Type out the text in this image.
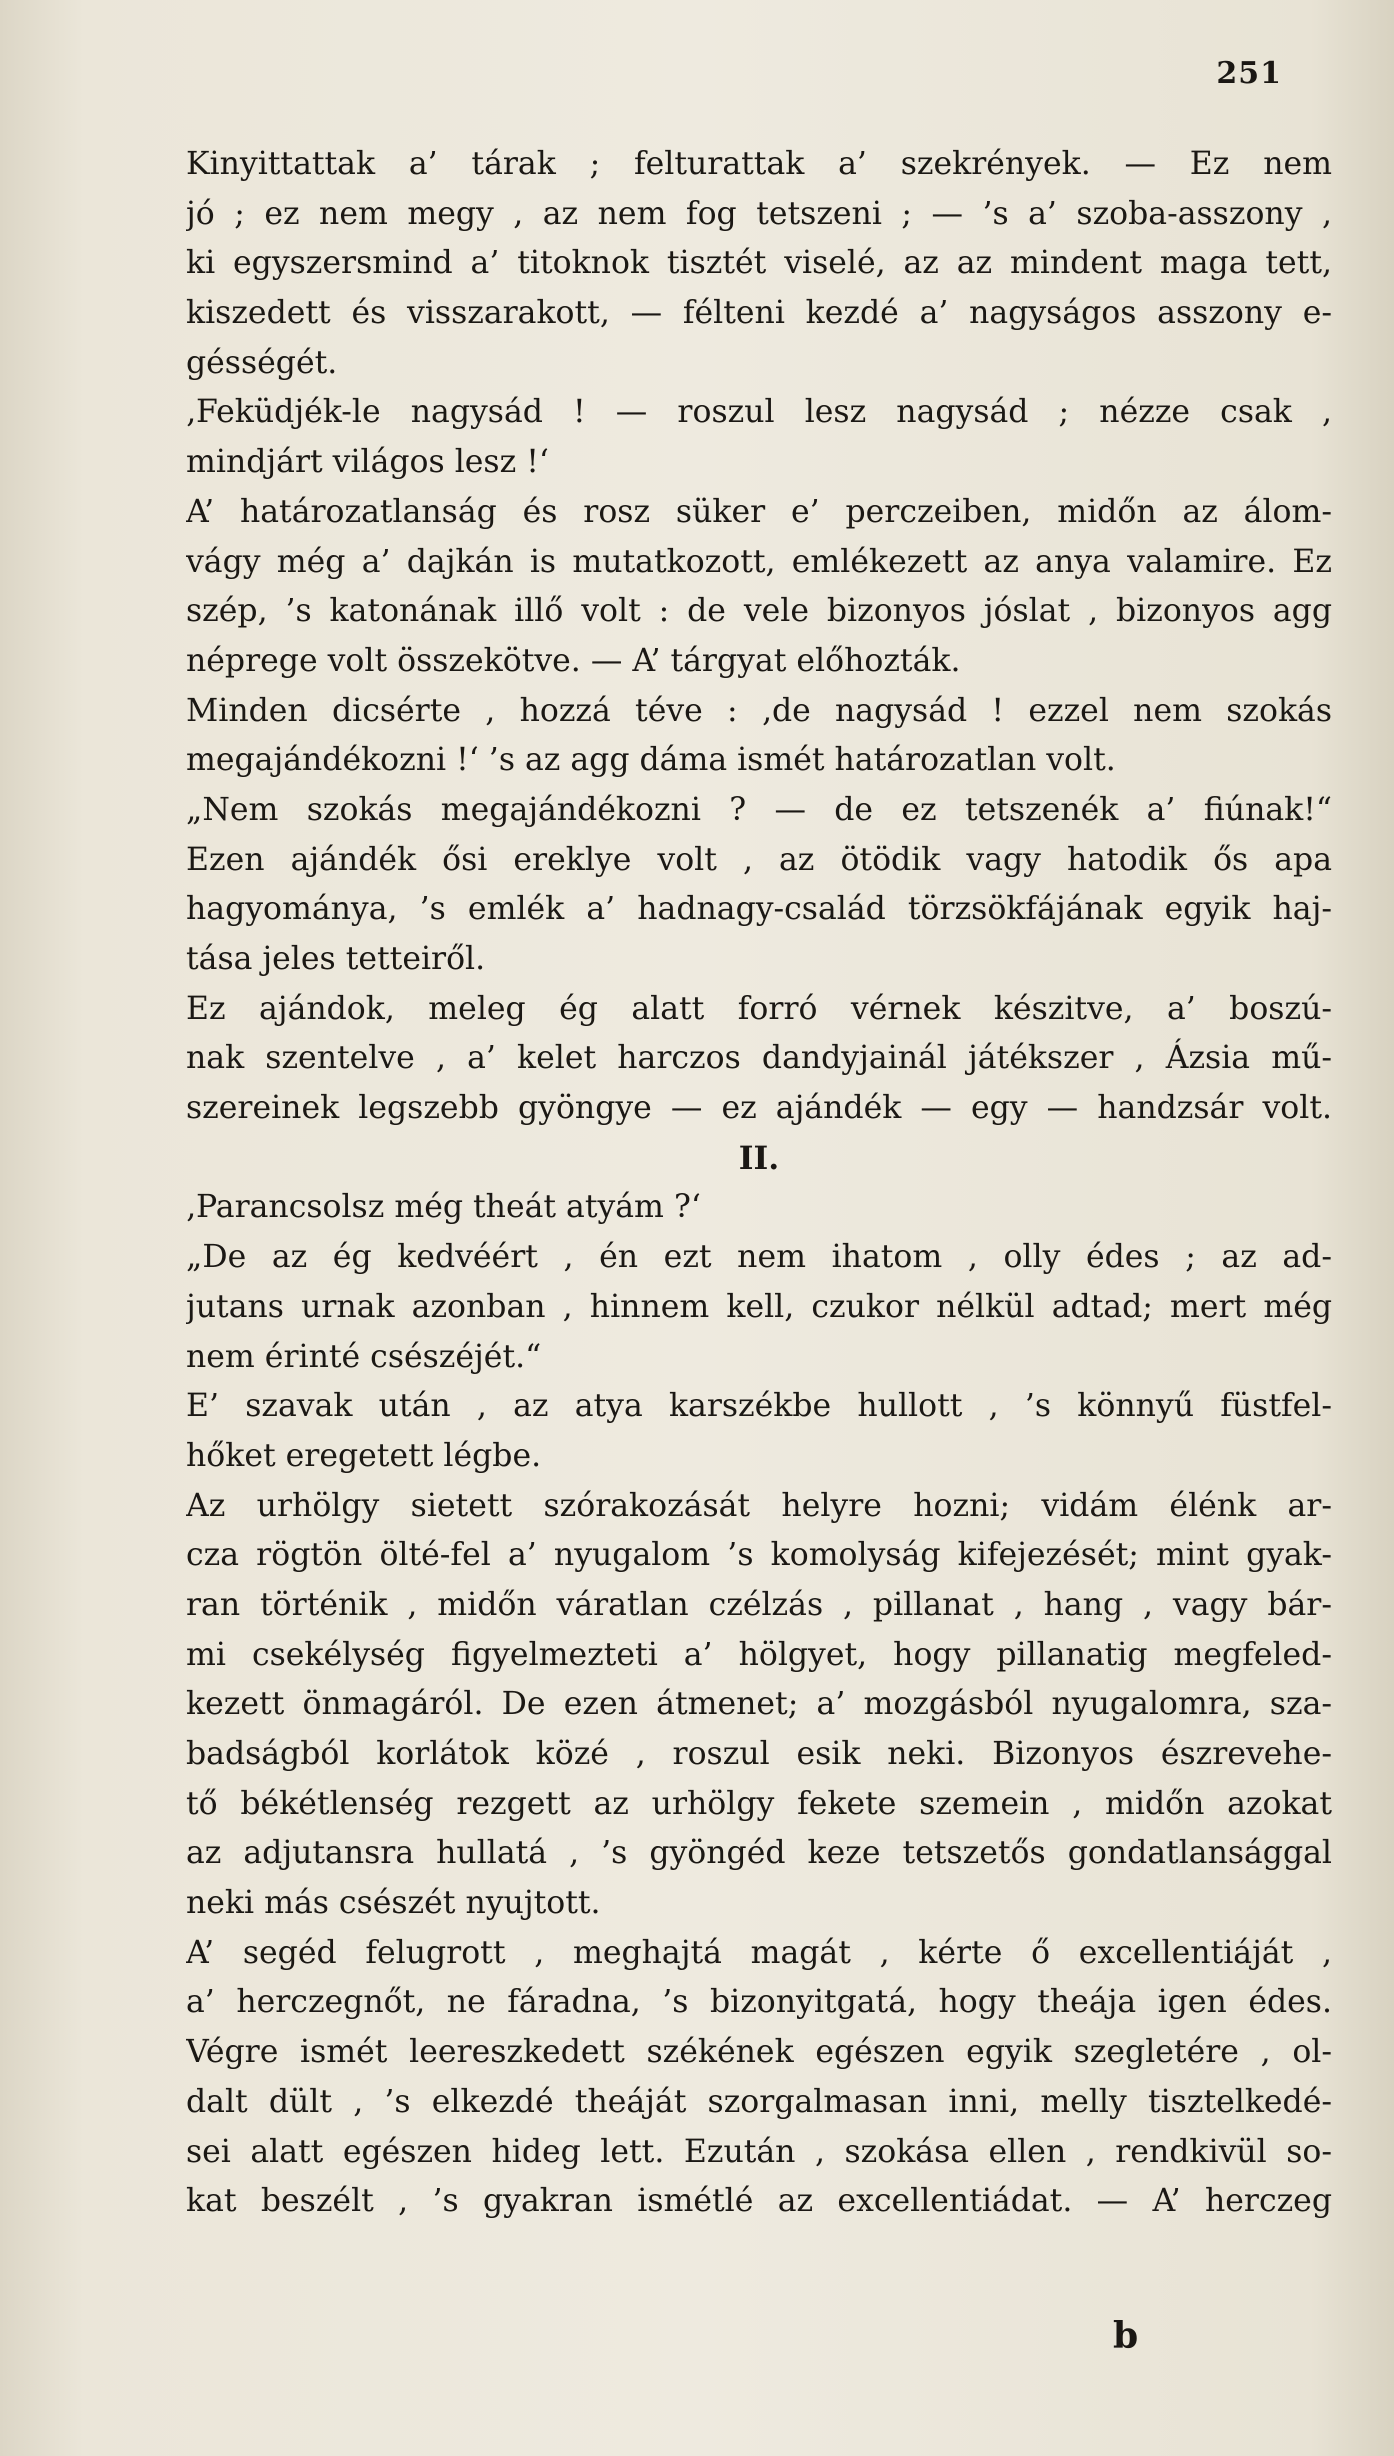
251
Kinyittattak a’ tárak ; felturattak a’ szekrények. — Ez nem
jó ; ez nem megy , az nem fog tetszeni ; — ’s a’ szoba-asszony ,
ki egyszersmind a’ titoknok tisztét viselé, az az mindent maga tett,
kiszedett és visszarakott, — félteni kezdé a’ nagyságos asszony e-
gésségét.
‚Feküdjék-le nagysád ! — roszul lesz nagysád ; nézze csak ,
mindjárt világos lesz !‘
A’ határozatlanság és rosz süker e’ perczeiben, midőn az álom-
vágy még a’ dajkán is mutatkozott, emlékezett az anya valamire. Ez
szép, ’s katonának illő volt : de vele bizonyos jóslat , bizonyos agg
néprege volt összekötve. — A’ tárgyat előhozták.
Minden dicsérte , hozzá téve : ‚de nagysád ! ezzel nem szokás
megajándékozni !‘ ’s az agg dáma ismét határozatlan volt.
„Nem szokás megajándékozni ? — de ez tetszenék a’ fiúnak!“
Ezen ajándék ősi ereklye volt , az ötödik vagy hatodik ős apa
hagyománya, ’s emlék a’ hadnagy-család törzsökfájának egyik haj-
tása jeles tetteiről.
Ez ajándok, meleg ég alatt forró vérnek készitve, a’ boszú-
nak szentelve , a’ kelet harczos dandyjainál játékszer , Ázsia mű-
szereinek legszebb gyöngye — ez ajándék — egy — handzsár volt.
II.
‚Parancsolsz még theát atyám ?‘
„De az ég kedvéért , én ezt nem ihatom , olly édes ; az ad-
jutans urnak azonban , hinnem kell, czukor nélkül adtad; mert még
nem érinté csészéjét.“
E’ szavak után , az atya karszékbe hullott , ’s könnyű füstfel-
hőket eregetett légbe.
Az urhölgy sietett szórakozását helyre hozni; vidám élénk ar-
cza rögtön ölté-fel a’ nyugalom ’s komolyság kifejezését; mint gyak-
ran történik , midőn váratlan czélzás , pillanat , hang , vagy bár-
mi csekélység figyelmezteti a’ hölgyet, hogy pillanatig megfeled-
kezett önmagáról. De ezen átmenet; a’ mozgásból nyugalomra, sza-
badságból korlátok közé , roszul esik neki. Bizonyos észrevehe-
tő békétlenség rezgett az urhölgy fekete szemein , midőn azokat
az adjutansra hullatá , ’s gyöngéd keze tetszetős gondatlansággal
neki más csészét nyujtott.
A’ segéd felugrott , meghajtá magát , kérte ő excellentiáját ,
a’ herczegnőt, ne fáradna, ’s bizonyitgatá, hogy theája igen édes.
Végre ismét leereszkedett székének egészen egyik szegletére , ol-
dalt dült , ’s elkezdé theáját szorgalmasan inni, melly tisztelkedé-
sei alatt egészen hideg lett. Ezután , szokása ellen , rendkivül so-
kat beszélt , ’s gyakran ismétlé az excellentiádat. — A’ herczeg
b
